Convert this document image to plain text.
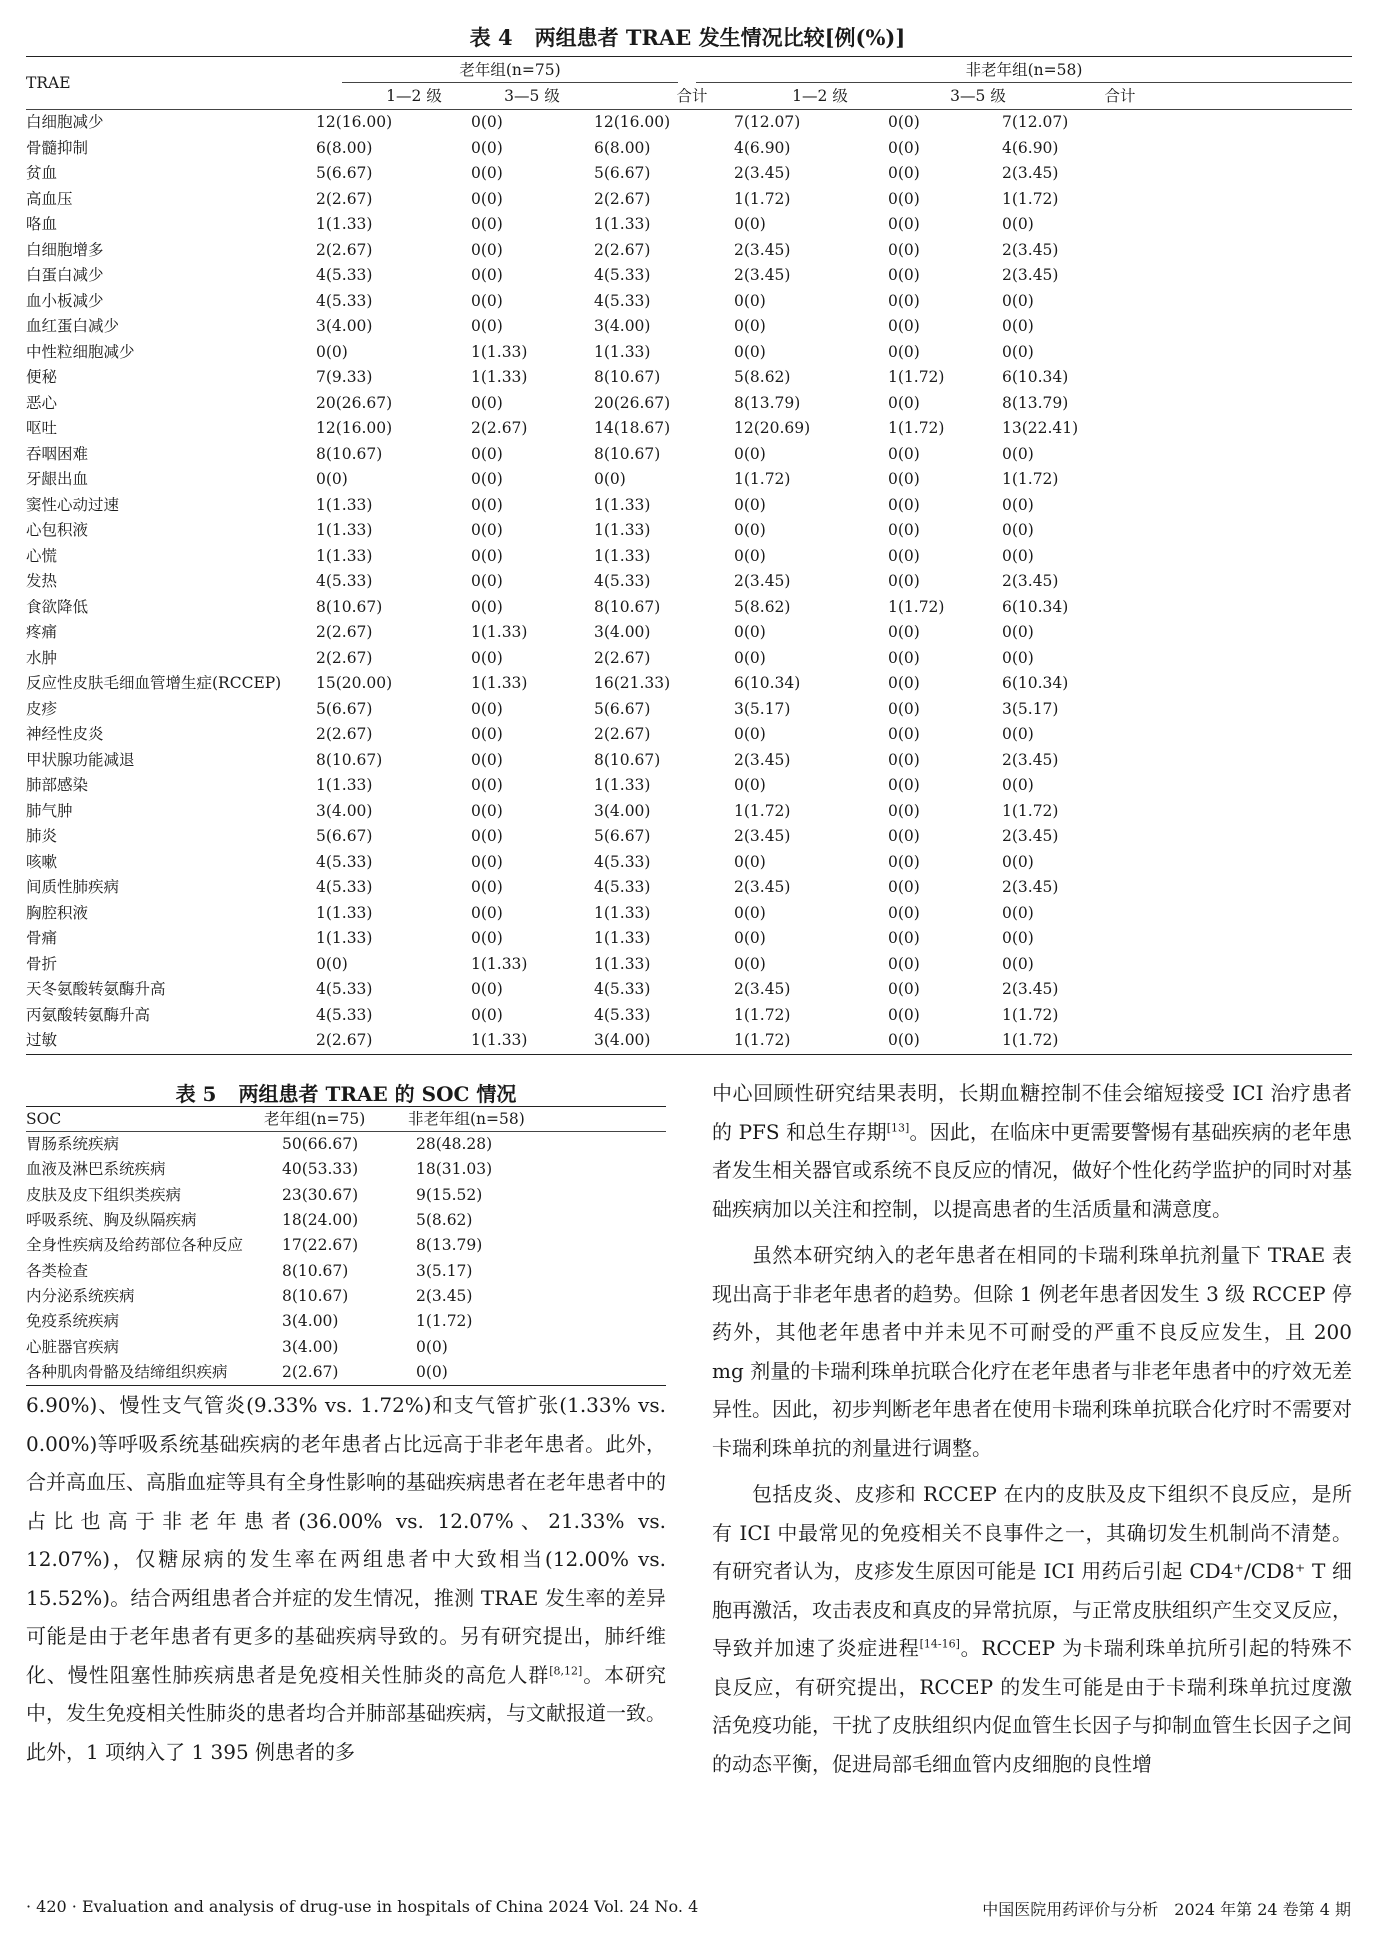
表 4 两组患者 TRAE 发生情况比较[例(%)]
TRAE
老年组(n=75)	非老年组(n=58)
1—2 级	3—5 级	合计	1—2 级	3—5 级	合计
白细胞减少	12(16.00)	0(0)	12(16.00)	7(12.07)	0(0)	7(12.07)
骨髓抑制	6(8.00)	0(0)	6(8.00)	4(6.90)	0(0)	4(6.90)
贫血	5(6.67)	0(0)	5(6.67)	2(3.45)	0(0)	2(3.45)
高血压	2(2.67)	0(0)	2(2.67)	1(1.72)	0(0)	1(1.72)
咯血	1(1.33)	0(0)	1(1.33)	0(0)	0(0)	0(0)
白细胞增多	2(2.67)	0(0)	2(2.67)	2(3.45)	0(0)	2(3.45)
白蛋白减少	4(5.33)	0(0)	4(5.33)	2(3.45)	0(0)	2(3.45)
血小板减少	4(5.33)	0(0)	4(5.33)	0(0)	0(0)	0(0)
血红蛋白减少	3(4.00)	0(0)	3(4.00)	0(0)	0(0)	0(0)
中性粒细胞减少	0(0)	1(1.33)	1(1.33)	0(0)	0(0)	0(0)
便秘	7(9.33)	1(1.33)	8(10.67)	5(8.62)	1(1.72)	6(10.34)
恶心	20(26.67)	0(0)	20(26.67)	8(13.79)	0(0)	8(13.79)
呕吐	12(16.00)	2(2.67)	14(18.67)	12(20.69)	1(1.72)	13(22.41)
吞咽困难	8(10.67)	0(0)	8(10.67)	0(0)	0(0)	0(0)
牙龈出血	0(0)	0(0)	0(0)	1(1.72)	0(0)	1(1.72)
窦性心动过速	1(1.33)	0(0)	1(1.33)	0(0)	0(0)	0(0)
心包积液	1(1.33)	0(0)	1(1.33)	0(0)	0(0)	0(0)
心慌	1(1.33)	0(0)	1(1.33)	0(0)	0(0)	0(0)
发热	4(5.33)	0(0)	4(5.33)	2(3.45)	0(0)	2(3.45)
食欲降低	8(10.67)	0(0)	8(10.67)	5(8.62)	1(1.72)	6(10.34)
疼痛	2(2.67)	1(1.33)	3(4.00)	0(0)	0(0)	0(0)
水肿	2(2.67)	0(0)	2(2.67)	0(0)	0(0)	0(0)
反应性皮肤毛细血管增生症(RCCEP) 15(20.00)	1(1.33)	16(21.33)	6(10.34)	0(0)	6(10.34)
皮疹	5(6.67)	0(0)	5(6.67)	3(5.17)	0(0)	3(5.17)
神经性皮炎	2(2.67)	0(0)	2(2.67)	0(0)	0(0)	0(0)
甲状腺功能减退	8(10.67)	0(0)	8(10.67)	2(3.45)	0(0)	2(3.45)
肺部感染	1(1.33)	0(0)	1(1.33)	0(0)	0(0)	0(0)
肺气肿	3(4.00)	0(0)	3(4.00)	1(1.72)	0(0)	1(1.72)
肺炎	5(6.67)	0(0)	5(6.67)	2(3.45)	0(0)	2(3.45)
咳嗽	4(5.33)	0(0)	4(5.33)	0(0)	0(0)	0(0)
间质性肺疾病	4(5.33)	0(0)	4(5.33)	2(3.45)	0(0)	2(3.45)
胸腔积液	1(1.33)	0(0)	1(1.33)	0(0)	0(0)	0(0)
骨痛	1(1.33)	0(0)	1(1.33)	0(0)	0(0)	0(0)
骨折	0(0)	1(1.33)	1(1.33)	0(0)	0(0)	0(0)
天冬氨酸转氨酶升高	4(5.33)	0(0)	4(5.33)	2(3.45)	0(0)	2(3.45)
丙氨酸转氨酶升高	4(5.33)	0(0)	4(5.33)	1(1.72)	0(0)	1(1.72)
过敏	2(2.67)	1(1.33)	3(4.00)	1(1.72)	0(0)	1(1.72)
表 5 两组患者 TRAE 的 SOC 情况
SOC	老年组(n=75)	非老年组(n=58)
胃肠系统疾病	50(66.67)	28(48.28)
血液及淋巴系统疾病	40(53.33)	18(31.03)
皮肤及皮下组织类疾病	23(30.67)	9(15.52)
呼吸系统、胸及纵隔疾病	18(24.00)	5(8.62)
全身性疾病及给药部位各种反应	17(22.67)	8(13.79)
各类检查	8(10.67)	3(5.17)
内分泌系统疾病	8(10.67)	2(3.45)
免疫系统疾病	3(4.00)	1(1.72)
心脏器官疾病	3(4.00)	0(0)
各种肌肉骨骼及结缔组织疾病	2(2.67)	0(0)

6.90%)、慢性支气管炎(9.33% vs. 1.72%)和支气管扩张(1.33% vs. 0.00%)等呼吸系统基础疾病的老年患者占比远高于非老年患者。此外，合并高血压、高脂血症等具有全身性影响的基础疾病患者在老年患者中的占比也高于非老年患者(36.00% vs. 12.07%、21.33% vs. 12.07%)，仅糖尿病的发生率在两组患者中大致相当(12.00% vs. 15.52%)。结合两组患者合并症的发生情况，推测 TRAE 发生率的差异可能是由于老年患者有更多的基础疾病导致的。另有研究提出，肺纤维化、慢性阻塞性肺疾病患者是免疫相关性肺炎的高危人群[8,12]。本研究中，发生免疫相关性肺炎的患者均合并肺部基础疾病，与文献报道一致。此外，1 项纳入了 1 395 例患者的多

中心回顾性研究结果表明，长期血糖控制不佳会缩短接受 ICI 治疗患者的 PFS 和总生存期[13]。因此，在临床中更需要警惕有基础疾病的老年患者发生相关器官或系统不良反应的情况，做好个性化药学监护的同时对基础疾病加以关注和控制，以提高患者的生活质量和满意度。

虽然本研究纳入的老年患者在相同的卡瑞利珠单抗剂量下 TRAE 表现出高于非老年患者的趋势。但除 1 例老年患者因发生 3 级 RCCEP 停药外，其他老年患者中并未见不可耐受的严重不良反应发生，且 200 mg 剂量的卡瑞利珠单抗联合化疗在老年患者与非老年患者中的疗效无差异性。因此，初步判断老年患者在使用卡瑞利珠单抗联合化疗时不需要对卡瑞利珠单抗的剂量进行调整。

包括皮炎、皮疹和 RCCEP 在内的皮肤及皮下组织不良反应，是所有 ICI 中最常见的免疫相关不良事件之一，其确切发生机制尚不清楚。有研究者认为，皮疹发生原因可能是 ICI 用药后引起 CD4⁺/CD8⁺ T 细胞再激活，攻击表皮和真皮的异常抗原，与正常皮肤组织产生交叉反应，导致并加速了炎症进程[14-16]。RCCEP 为卡瑞利珠单抗所引起的特殊不良反应，有研究提出，RCCEP 的发生可能是由于卡瑞利珠单抗过度激活免疫功能，干扰了皮肤组织内促血管生长因子与抑制血管生长因子之间的动态平衡，促进局部毛细血管内皮细胞的良性增

· 420 · Evaluation and analysis of drug-use in hospitals of China 2024 Vol. 24 No. 4	中国医院用药评价与分析　2024 年第 24 卷第 4 期
